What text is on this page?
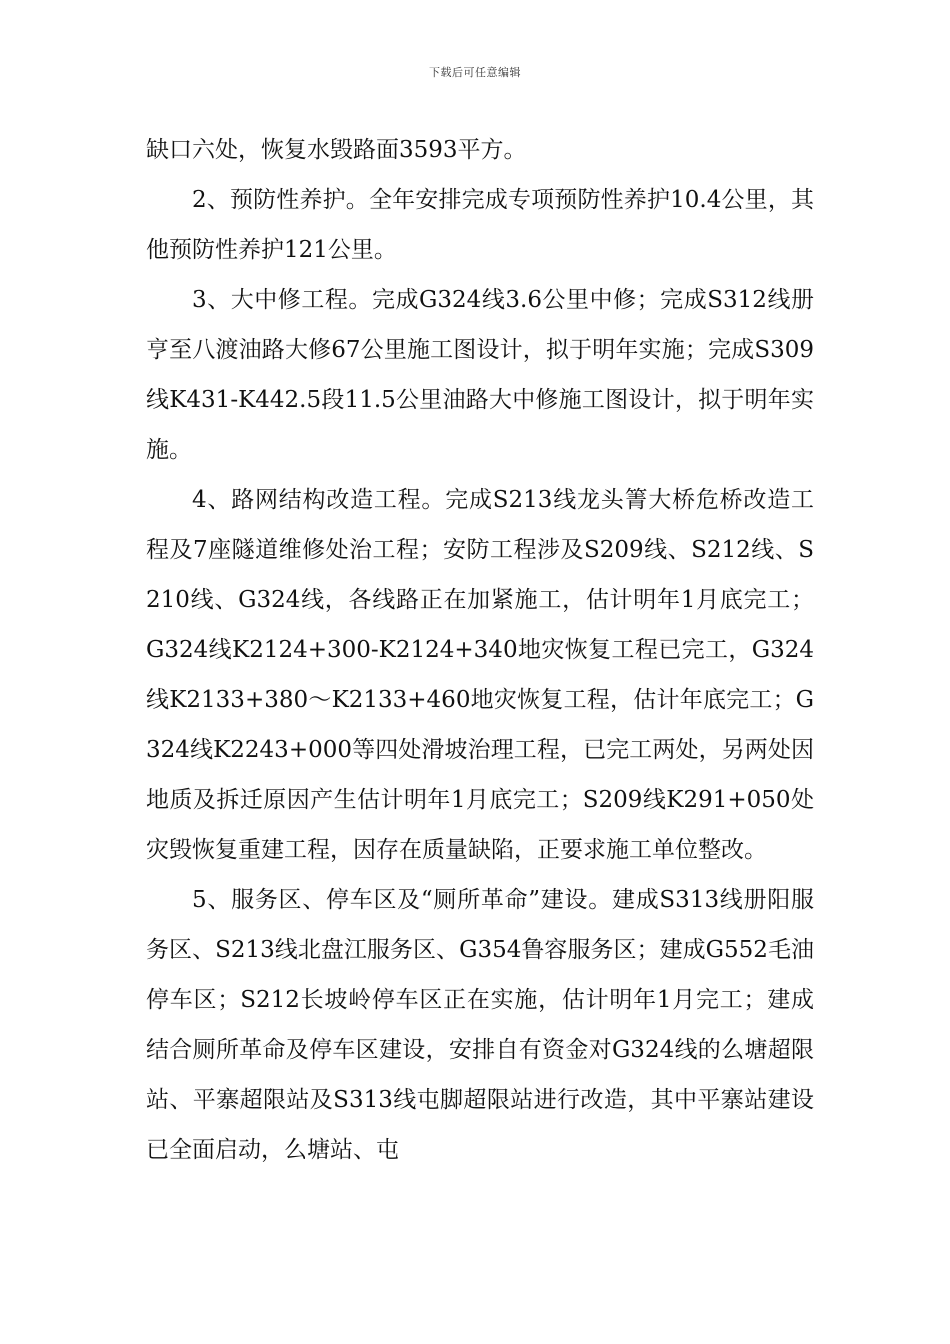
下载后可任意编辑

缺口六处，恢复水毁路面3593平方。

2、预防性养护。全年安排完成专项预防性养护10.4公里，其他预防性养护121公里。

3、大中修工程。完成G324线3.6公里中修；完成S312线册亨至八渡油路大修67公里施工图设计，拟于明年实施；完成S309线K431-K442.5段11.5公里油路大中修施工图设计，拟于明年实施。

4、路网结构改造工程。完成S213线龙头箐大桥危桥改造工程及7座隧道维修处治工程；安防工程涉及S209线、S212线、S210线、G324线，各线路正在加紧施工，估计明年1月底完工；G324线K2124+300-K2124+340地灾恢复工程已完工，G324线K2133+380～K2133+460地灾恢复工程，估计年底完工；G324线K2243+000等四处滑坡治理工程，已完工两处，另两处因地质及拆迁原因产生估计明年1月底完工；S209线K291+050处灾毁恢复重建工程，因存在质量缺陷，正要求施工单位整改。

5、服务区、停车区及“厕所革命”建设。建成S313线册阳服务区、S213线北盘江服务区、G354鲁容服务区；建成G552毛油停车区；S212长坡岭停车区正在实施，估计明年1月完工；建成结合厕所革命及停车区建设，安排自有资金对G324线的么塘超限站、平寨超限站及S313线屯脚超限站进行改造，其中平寨站建设已全面启动，么塘站、屯
